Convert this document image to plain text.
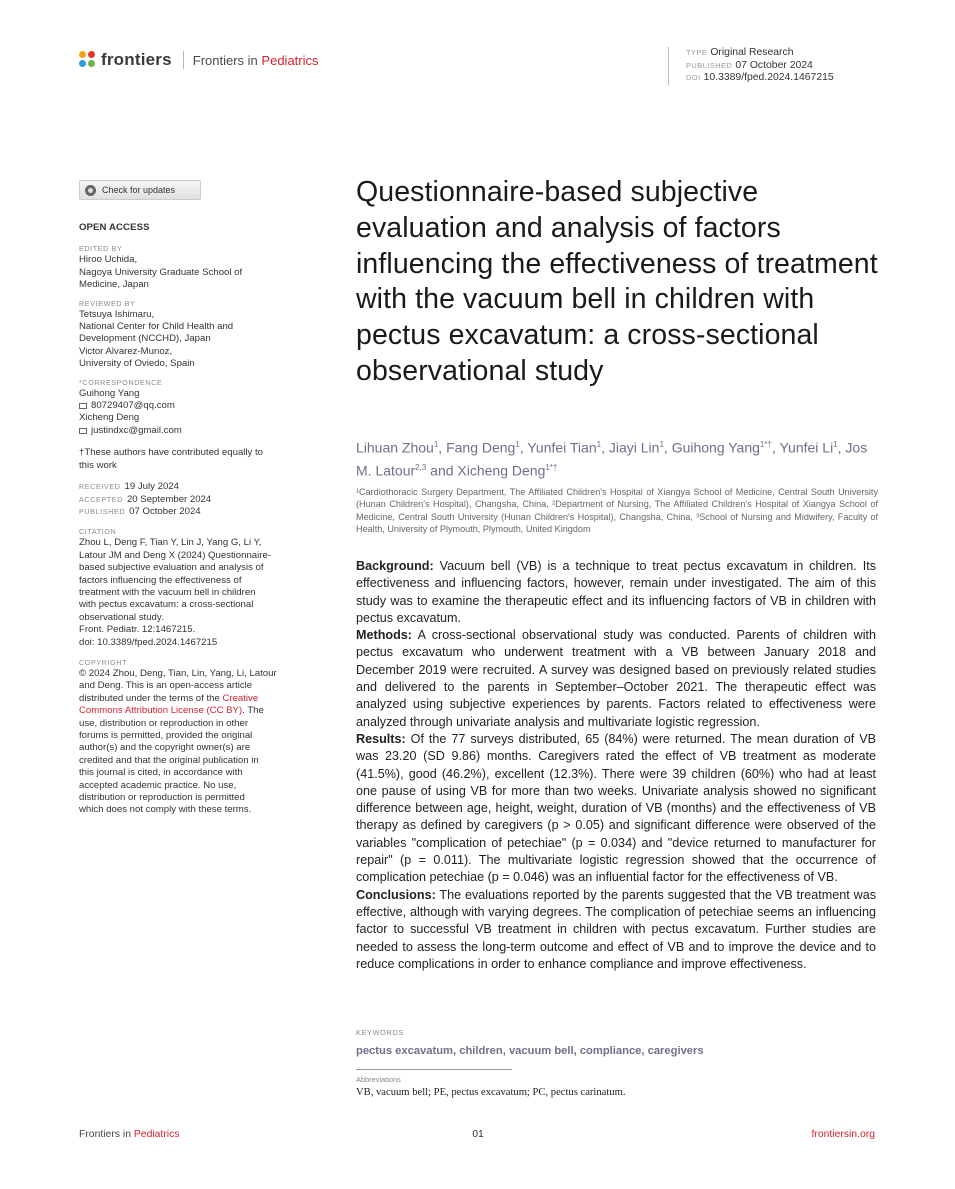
frontiers Frontiers in Pediatrics	TYPE Original Research
PUBLISHED 07 October 2024
DOI 10.3389/fped.2024.1467215
Check for updates
OPEN ACCESS
EDITED BY
Hiroo Uchida,
Nagoya University Graduate School of
Medicine, Japan
REVIEWED BY
Tetsuya Ishimaru,
National Center for Child Health and
Development (NCCHD), Japan
Victor Alvarez-Munoz,
University of Oviedo, Spain
*CORRESPONDENCE
Guihong Yang
80729407@qq.com
Xicheng Deng
justindxc@gmail.com
†These authors have contributed equally to
this work
RECEIVED 19 July 2024
ACCEPTED 20 September 2024
PUBLISHED 07 October 2024
CITATION
Zhou L, Deng F, Tian Y, Lin J, Yang G, Li Y,
Latour JM and Deng X (2024) Questionnaire-
based subjective evaluation and analysis of
factors influencing the effectiveness of
treatment with the vacuum bell in children
with pectus excavatum: a cross-sectional
observational study.
Front. Pediatr. 12:1467215.
doi: 10.3389/fped.2024.1467215
COPYRIGHT
© 2024 Zhou, Deng, Tian, Lin, Yang, Li, Latour
and Deng. This is an open-access article
distributed under the terms of the Creative
Commons Attribution License (CC BY). The
use, distribution or reproduction in other
forums is permitted, provided the original
author(s) and the copyright owner(s) are
credited and that the original publication in
this journal is cited, in accordance with
accepted academic practice. No use,
distribution or reproduction is permitted
which does not comply with these terms.
Questionnaire-based subjective evaluation and analysis of factors influencing the effectiveness of treatment with the vacuum bell in children with pectus excavatum: a cross-sectional observational study
Lihuan Zhou$^1$, Fang Deng$^1$, Yunfei Tian$^1$, Jiayi Lin$^1$, Guihong Yang$^{1*\dagger}$, Yunfei Li$^1$, Jos M. Latour$^{2,3}$ and Xicheng Deng$^{1*\dagger}$
¹Cardiothoracic Surgery Department, The Affiliated Children's Hospital of Xiangya School of Medicine, Central South University (Hunan Children's Hospital), Changsha, China, ²Department of Nursing, The Affiliated Children's Hospital of Xiangya School of Medicine, Central South University (Hunan Children's Hospital), Changsha, China, ³School of Nursing and Midwifery, Faculty of Health, University of Plymouth, Plymouth, United Kingdom

Background: Vacuum bell (VB) is a technique to treat pectus excavatum in children. Its effectiveness and influencing factors, however, remain under investigated. The aim of this study was to examine the therapeutic effect and its influencing factors of VB in children with pectus excavatum.

Methods: A cross-sectional observational study was conducted. Parents of children with pectus excavatum who underwent treatment with a VB between January 2018 and December 2019 were recruited. A survey was designed based on previously related studies and delivered to the parents in September–October 2021. The therapeutic effect was analyzed using subjective experiences by parents. Factors related to effectiveness were analyzed through univariate analysis and multivariate logistic regression.

Results: Of the 77 surveys distributed, 65 (84%) were returned. The mean duration of VB was 23.20 (SD 9.86) months. Caregivers rated the effect of VB treatment as moderate (41.5%), good (46.2%), excellent (12.3%). There were 39 children (60%) who had at least one pause of using VB for more than two weeks. Univariate analysis showed no significant difference between age, height, weight, duration of VB (months) and the effectiveness of VB therapy as defined by caregivers (p > 0.05) and significant difference were observed of the variables "complication of petechiae" (p = 0.034) and "device returned to manufacturer for repair" (p = 0.011). The multivariate logistic regression showed that the occurrence of complication petechiae (p = 0.046) was an influential factor for the effectiveness of VB.

Conclusions: The evaluations reported by the parents suggested that the VB treatment was effective, although with varying degrees. The complication of petechiae seems an influencing factor to successful VB treatment in children with pectus excavatum. Further studies are needed to assess the long-term outcome and effect of VB and to improve the device and to reduce complications in order to enhance compliance and improve effectiveness.

KEYWORDS
pectus excavatum, children, vacuum bell, compliance, caregivers
Abbreviations
VB, vacuum bell; PE, pectus excavatum; PC, pectus carinatum.
Frontiers in Pediatrics	01	frontiersin.org
